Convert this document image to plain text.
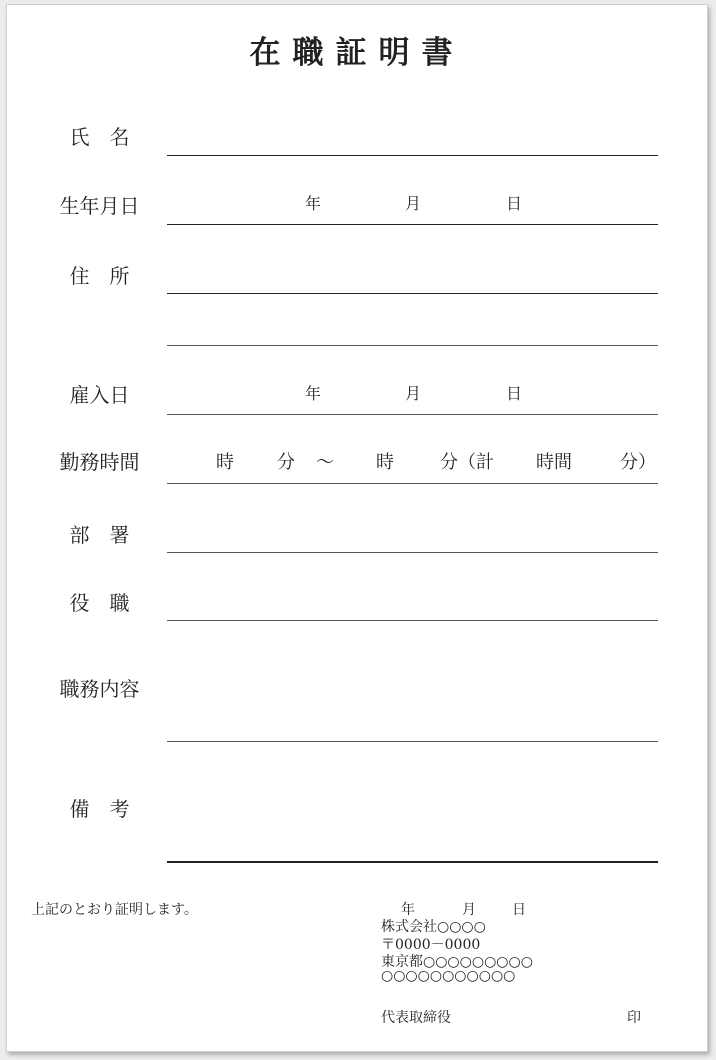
在職証明書
氏名
生年月日	年	月	日
住所
雇入日	年	月	日
勤務時間	時 分 ～ 時	分 （計 時間	分）
部署
役職
職務内容
備考
上記のとおり証明します。	年	月	日
株式会社○○○○
〒0000－0000
東京都○○○○○○○○○
○○○○○○○○○○○
代表取締役	印
